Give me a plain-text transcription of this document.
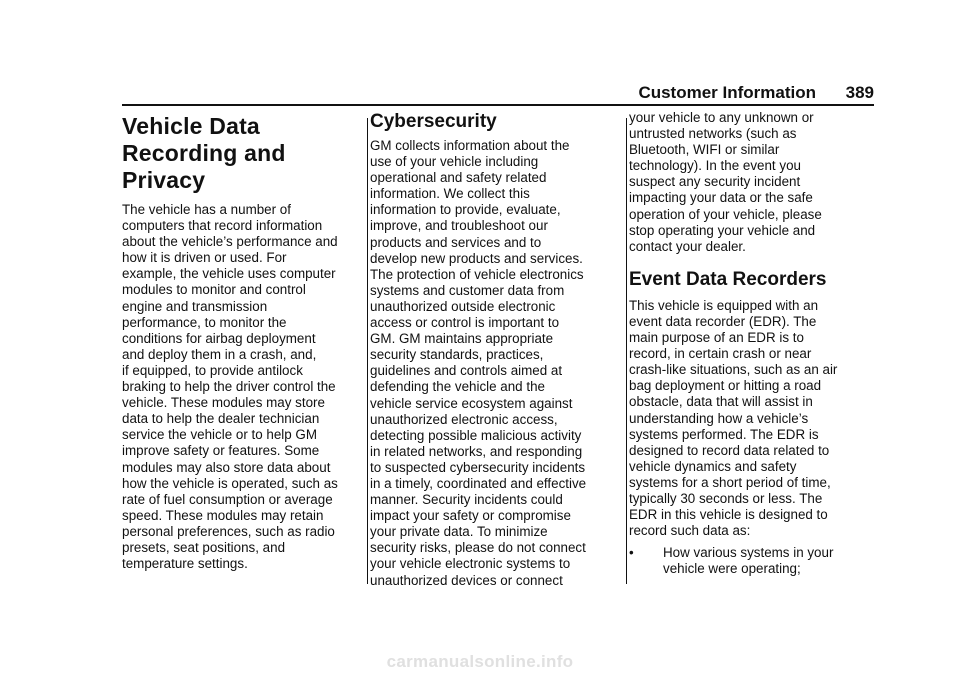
Customer Information 389
Vehicle Data
Recording and
Privacy

The vehicle has a number of
computers that record information
about the vehicle’s performance and
how it is driven or used. For
example, the vehicle uses computer
modules to monitor and control
engine and transmission
performance, to monitor the
conditions for airbag deployment
and deploy them in a crash, and,
if equipped, to provide antilock
braking to help the driver control the
vehicle. These modules may store
data to help the dealer technician
service the vehicle or to help GM
improve safety or features. Some
modules may also store data about
how the vehicle is operated, such as
rate of fuel consumption or average
speed. These modules may retain
personal preferences, such as radio
presets, seat positions, and
temperature settings.

Cybersecurity

GM collects information about the
use of your vehicle including
operational and safety related
information. We collect this
information to provide, evaluate,
improve, and troubleshoot our
products and services and to
develop new products and services.
The protection of vehicle electronics
systems and customer data from
unauthorized outside electronic
access or control is important to
GM. GM maintains appropriate
security standards, practices,
guidelines and controls aimed at
defending the vehicle and the
vehicle service ecosystem against
unauthorized electronic access,
detecting possible malicious activity
in related networks, and responding
to suspected cybersecurity incidents
in a timely, coordinated and effective
manner. Security incidents could
impact your safety or compromise
your private data. To minimize
security risks, please do not connect
your vehicle electronic systems to
unauthorized devices or connect

your vehicle to any unknown or
untrusted networks (such as
Bluetooth, WIFI or similar
technology). In the event you
suspect any security incident
impacting your data or the safe
operation of your vehicle, please
stop operating your vehicle and
contact your dealer.

Event Data Recorders

This vehicle is equipped with an
event data recorder (EDR). The
main purpose of an EDR is to
record, in certain crash or near
crash-like situations, such as an air
bag deployment or hitting a road
obstacle, data that will assist in
understanding how a vehicle’s
systems performed. The EDR is
designed to record data related to
vehicle dynamics and safety
systems for a short period of time,
typically 30 seconds or less. The
EDR in this vehicle is designed to
record such data as:

•	How various systems in your
vehicle were operating;
carmanualsonline.info
